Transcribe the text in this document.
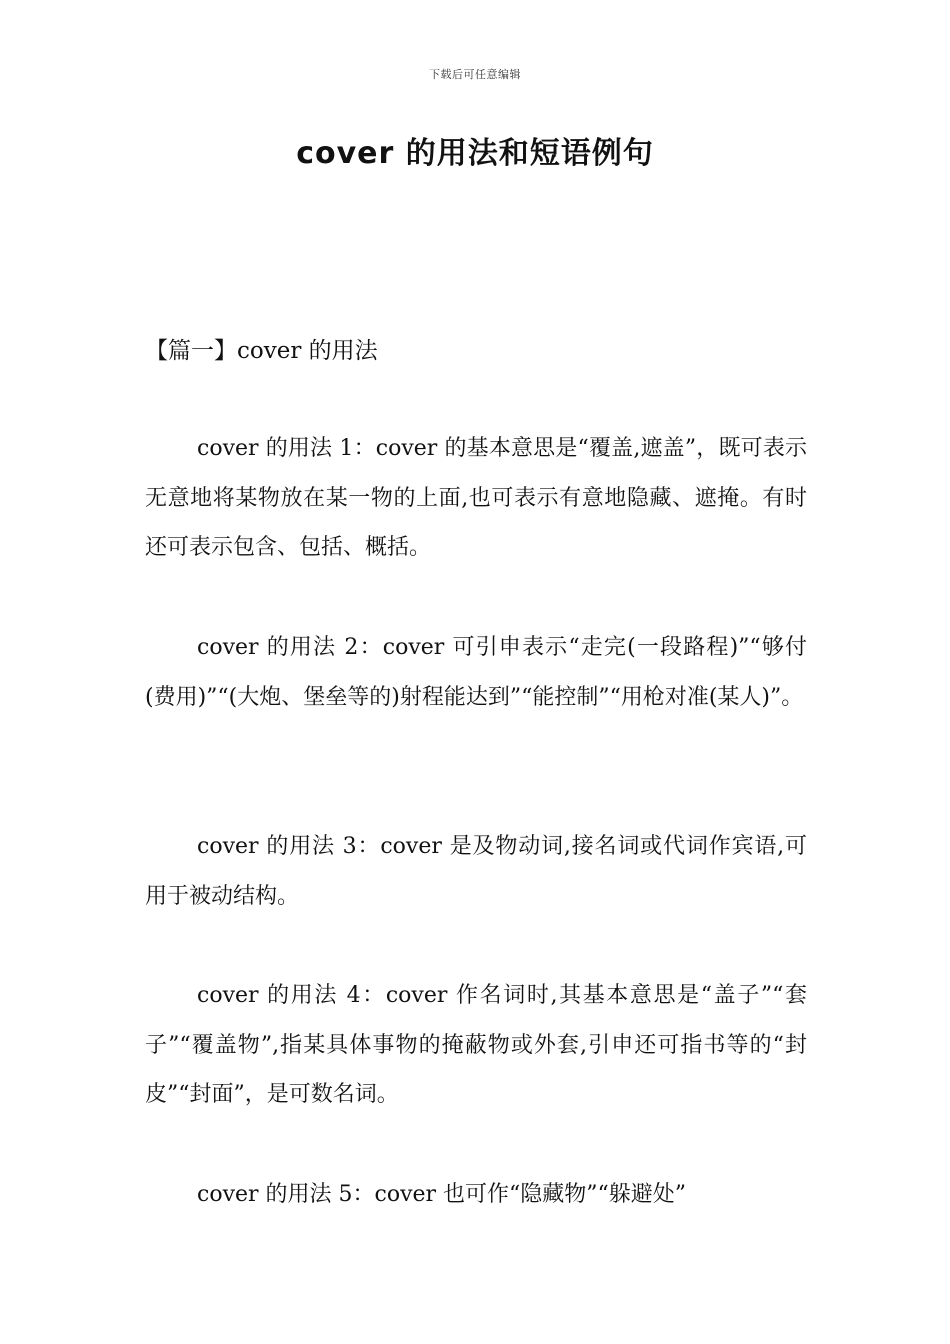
下载后可任意编辑
cover 的用法和短语例句
【篇一】cover 的用法

cover 的用法 1：cover 的基本意思是“覆盖,遮盖”，既可表示无意地将某物放在某一物的上面,也可表示有意地隐藏、遮掩。有时还可表示包含、包括、概括。

cover 的用法 2：cover 可引申表示“走完(一段路程)”“够付(费用)”“(大炮、堡垒等的)射程能达到”“能控制”“用枪对准(某人)”。

cover 的用法 3：cover 是及物动词,接名词或代词作宾语,可用于被动结构。

cover 的用法 4：cover 作名词时,其基本意思是“盖子”“套子”“覆盖物”,指某具体事物的掩蔽物或外套,引申还可指书等的“封皮”“封面”，是可数名词。

cover 的用法 5：cover 也可作“隐藏物”“躲避处”
